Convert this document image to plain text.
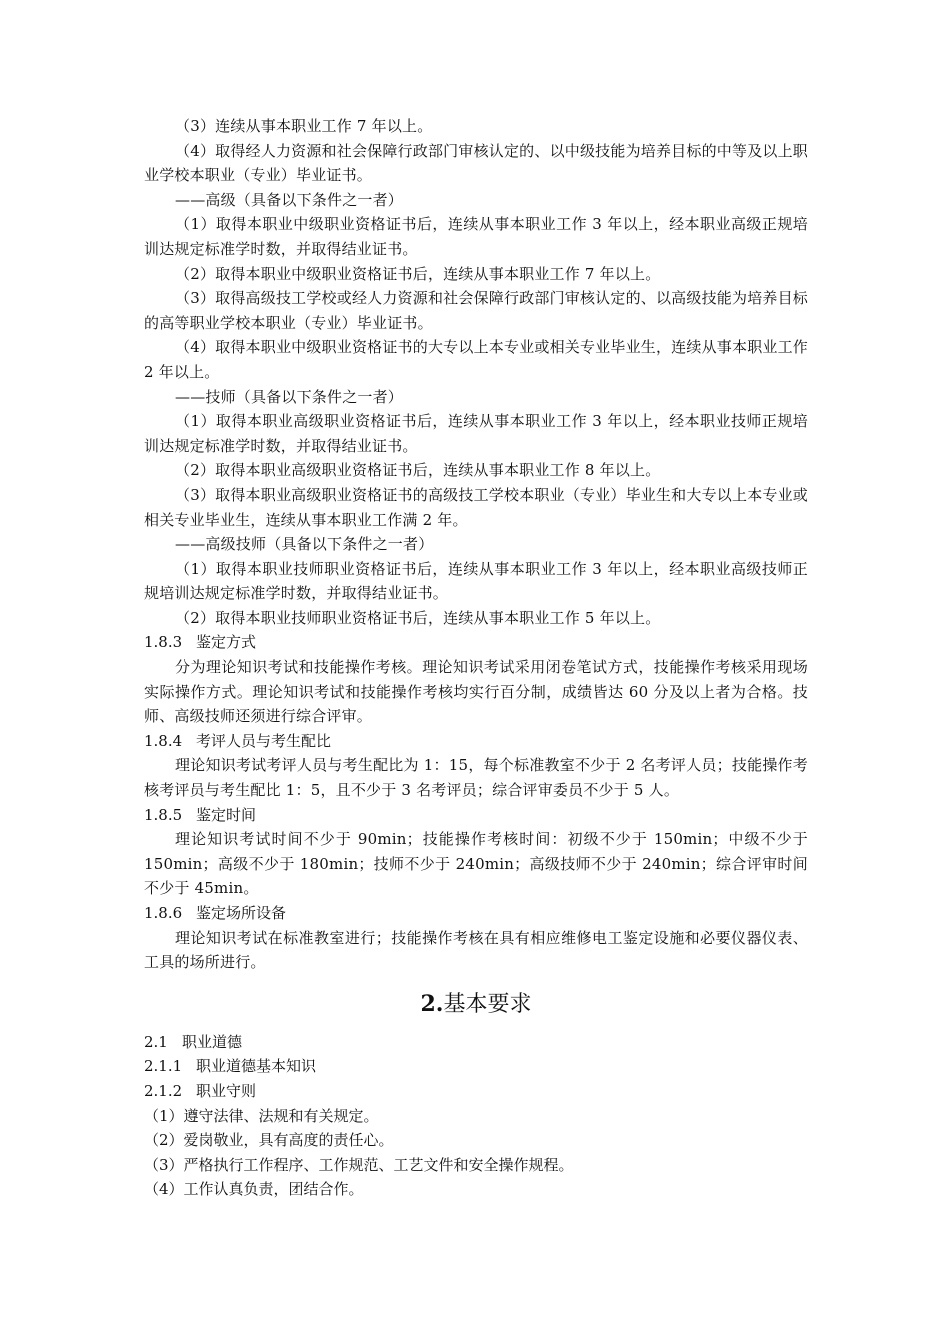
（3）连续从事本职业工作 7 年以上。

（4）取得经人力资源和社会保障行政部门审核认定的、以中级技能为培养目标的中等及以上职业学校本职业（专业）毕业证书。

——高级（具备以下条件之一者）

（1）取得本职业中级职业资格证书后，连续从事本职业工作 3 年以上，经本职业高级正规培训达规定标准学时数，并取得结业证书。

（2）取得本职业中级职业资格证书后，连续从事本职业工作 7 年以上。

（3）取得高级技工学校或经人力资源和社会保障行政部门审核认定的、以高级技能为培养目标的高等职业学校本职业（专业）毕业证书。

（4）取得本职业中级职业资格证书的大专以上本专业或相关专业毕业生，连续从事本职业工作 2 年以上。

——技师（具备以下条件之一者）

（1）取得本职业高级职业资格证书后，连续从事本职业工作 3 年以上，经本职业技师正规培训达规定标准学时数，并取得结业证书。

（2）取得本职业高级职业资格证书后，连续从事本职业工作 8 年以上。

（3）取得本职业高级职业资格证书的高级技工学校本职业（专业）毕业生和大专以上本专业或相关专业毕业生，连续从事本职业工作满 2 年。

——高级技师（具备以下条件之一者）

（1）取得本职业技师职业资格证书后，连续从事本职业工作 3 年以上，经本职业高级技师正规培训达规定标准学时数，并取得结业证书。

（2）取得本职业技师职业资格证书后，连续从事本职业工作 5 年以上。

1.8.3 鉴定方式

分为理论知识考试和技能操作考核。理论知识考试采用闭卷笔试方式，技能操作考核采用现场实际操作方式。理论知识考试和技能操作考核均实行百分制，成绩皆达 60 分及以上者为合格。技师、高级技师还须进行综合评审。

1.8.4 考评人员与考生配比

理论知识考试考评人员与考生配比为 1：15，每个标准教室不少于 2 名考评人员；技能操作考核考评员与考生配比 1：5，且不少于 3 名考评员；综合评审委员不少于 5 人。

1.8.5 鉴定时间

理论知识考试时间不少于 90min；技能操作考核时间：初级不少于 150min；中级不少于 150min；高级不少于 180min；技师不少于 240min；高级技师不少于 240min；综合评审时间不少于 45min。

1.8.6 鉴定场所设备

理论知识考试在标准教室进行；技能操作考核在具有相应维修电工鉴定设施和必要仪器仪表、工具的场所进行。

2.基本要求
2.1 职业道德
2.1.1 职业道德基本知识
2.1.2 职业守则

（1）遵守法律、法规和有关规定。

（2）爱岗敬业，具有高度的责任心。

（3）严格执行工作程序、工作规范、工艺文件和安全操作规程。

（4）工作认真负责，团结合作。
